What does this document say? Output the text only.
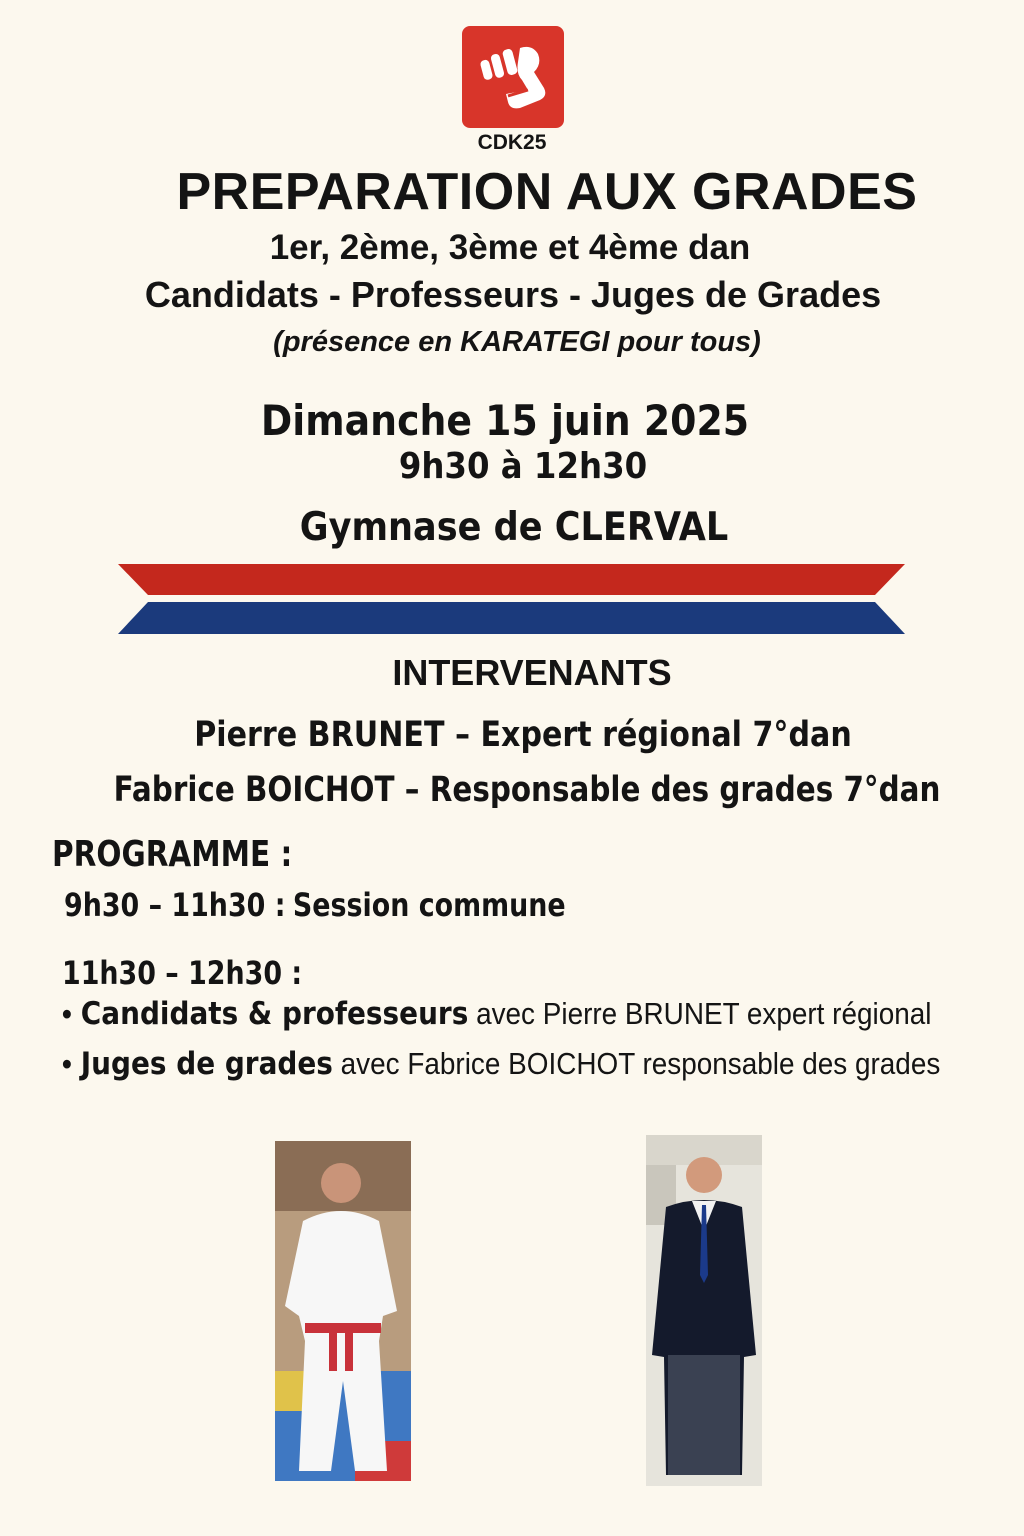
CDK25
PREPARATION AUX GRADES
1er, 2ème, 3ème et 4ème dan
Candidats - Professeurs - Juges de Grades
(présence en KARATEGI pour tous)
Dimanche 15 juin 2025
9h30 à 12h30
Gymnase de CLERVAL
INTERVENANTS
Pierre BRUNET – Expert régional 7°dan
Fabrice BOICHOT – Responsable des grades 7°dan
PROGRAMME :
9h30 – 11h30 : Session commune
11h30 – 12h30 :
• Candidats & professeurs avec Pierre BRUNET expert régional
• Juges de grades avec Fabrice BOICHOT responsable des grades
